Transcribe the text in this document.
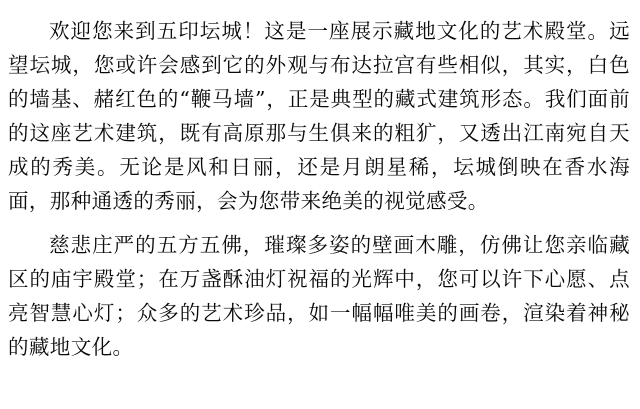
欢迎您来到五印坛城！这是一座展示藏地文化的艺术殿堂。远望坛城，您或许会感到它的外观与布达拉宫有些相似，其实，白色的墙基、赭红色的“鞭马墙”，正是典型的藏式建筑形态。我们面前的这座艺术建筑，既有高原那与生俱来的粗犷，又透出江南宛自天成的秀美。无论是风和日丽，还是月朗星稀，坛城倒映在香水海面，那种通透的秀丽，会为您带来绝美的视觉感受。

慈悲庄严的五方五佛，璀璨多姿的壁画木雕，仿佛让您亲临藏区的庙宇殿堂；在万盏酥油灯祝福的光辉中，您可以许下心愿、点亮智慧心灯；众多的艺术珍品，如一幅幅唯美的画卷，渲染着神秘的藏地文化。
